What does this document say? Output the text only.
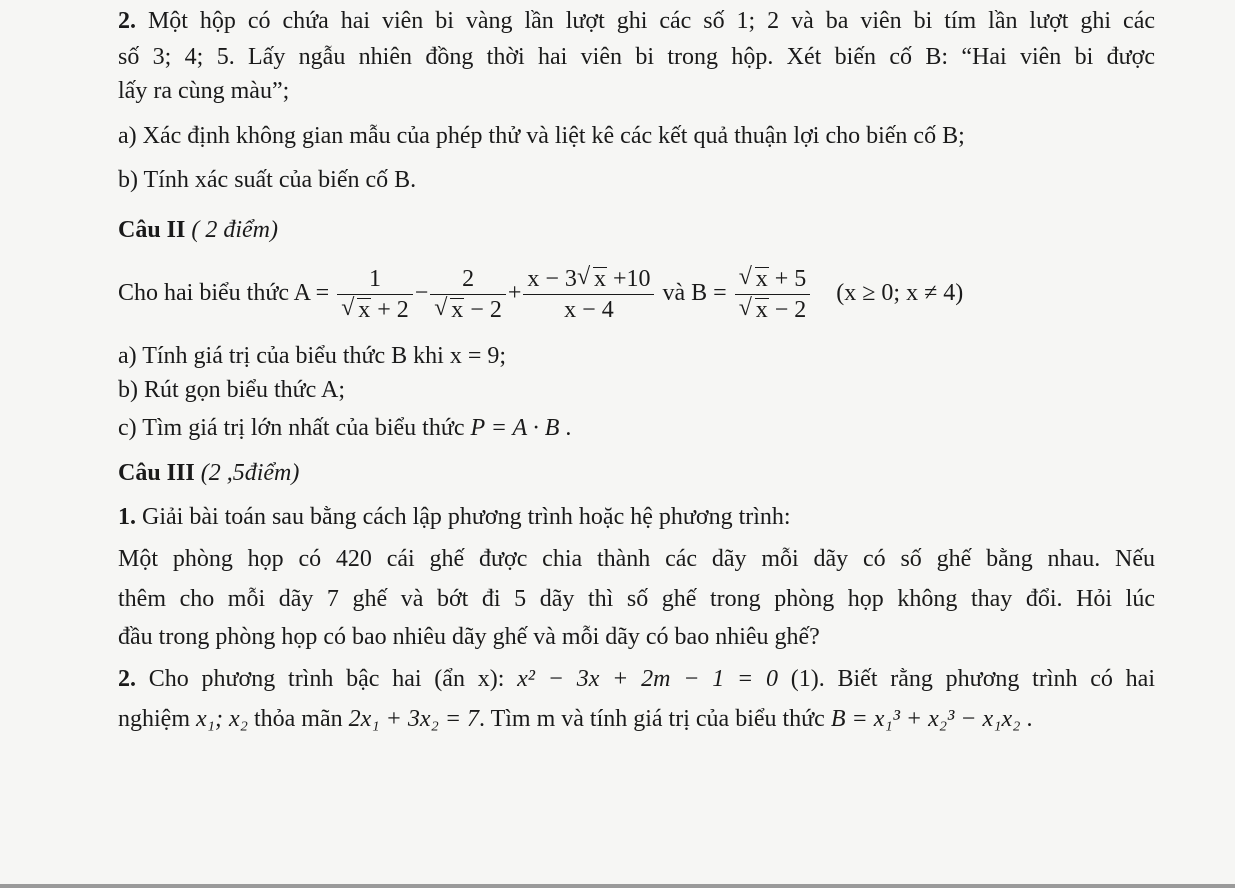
2. Một hộp có chứa hai viên bi vàng lần lượt ghi các số 1; 2 và ba viên bi tím lần lượt ghi các
số 3; 4; 5. Lấy ngẫu nhiên đồng thời hai viên bi trong hộp. Xét biến cố B: “Hai viên bi được
lấy ra cùng màu”;
a) Xác định không gian mẫu của phép thử và liệt kê các kết quả thuận lợi cho biến cố B;
b) Tính xác suất của biến cố B.
Câu II ( 2 điểm)
Cho hai biểu thức A = 1
√ x + 2 − 2
√ $x - 2 + \frac{x - 3 √ x +10}{x - 4}$ và B = √ x + 5
√ x − 2 (x ≥ 0; x ≠ 4)
a) Tính giá trị của biểu thức B khi x = 9;
b) Rút gọn biểu thức A;
c) Tìm giá trị lớn nhất của biểu thức P = A · B .
Câu III (2 ,5điểm)
1. Giải bài toán sau bằng cách lập phương trình hoặc hệ phương trình:
Một phòng họp có 420 cái ghế được chia thành các dãy mỗi dãy có số ghế bằng nhau. Nếu
thêm cho mỗi dãy 7 ghế và bớt đi 5 dãy thì số ghế trong phòng họp không thay đổi. Hỏi lúc
đầu trong phòng họp có bao nhiêu dãy ghế và mỗi dãy có bao nhiêu ghế?
2. Cho phương trình bậc hai (ẩn x): x² − 3x + 2m − 1 = 0 (1). Biết rằng phương trình có hai
nghiệm x₁; x₂ thỏa mãn 2x₁ + 3x₂ = 7. Tìm m và tính giá trị của biểu thức B = x₁³ + x₂³ − x₁x₂ .
